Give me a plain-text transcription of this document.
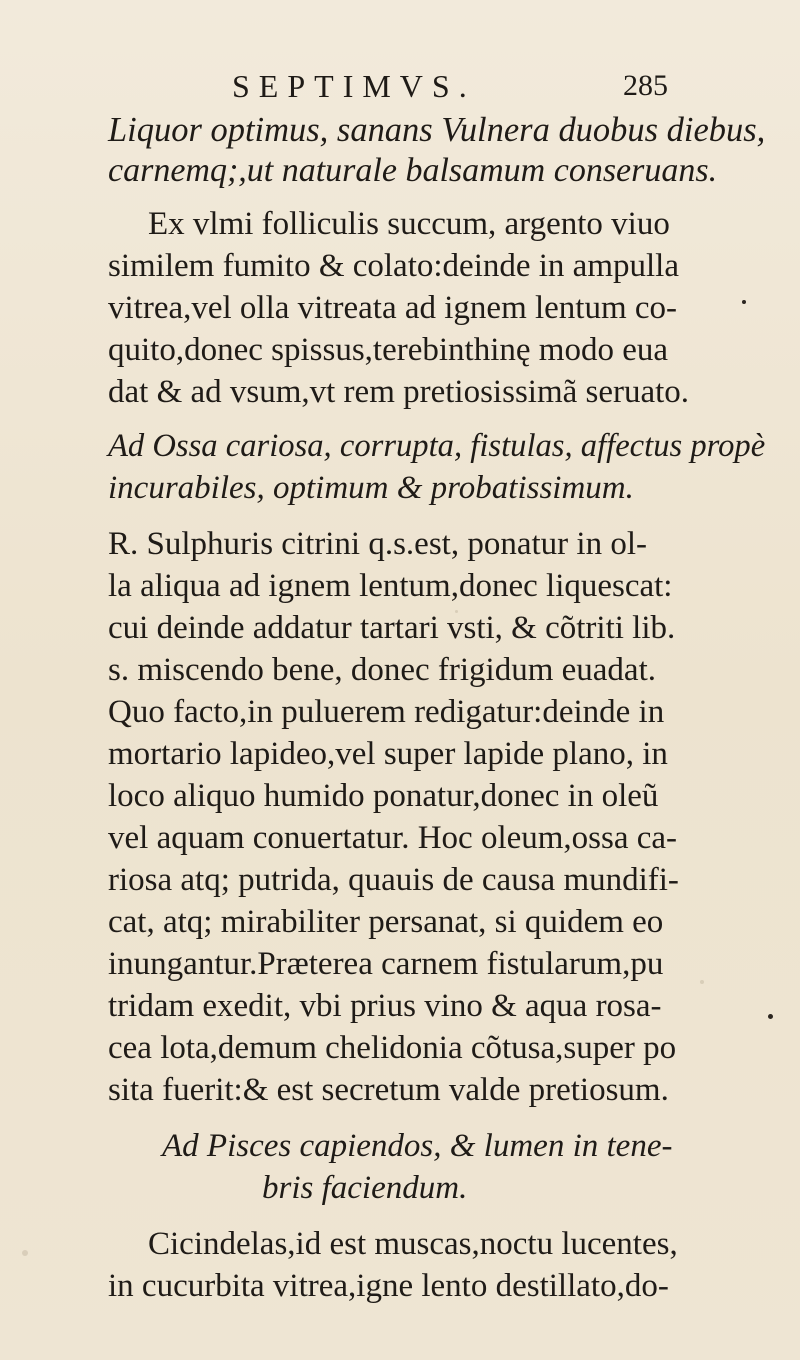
SEPTIMVS.	285
Liquor optimus, sanans Vulnera duobus diebus,
carnemq;,ut naturale balsamum conseruans.
Ex vlmi folliculis succum, argento viuo
similem fumito & colato:deinde in ampulla
vitrea,vel olla vitreata ad ignem lentum co-
quito,donec spissus,terebinthinę modo eua
dat & ad vsum,vt rem pretiosissimã seruato.
Ad Ossa cariosa, corrupta, fistulas, affectus propè
incurabiles, optimum & probatissimum.
R. Sulphuris citrini q.s.est, ponatur in ol-
la aliqua ad ignem lentum,donec liquescat:
cui deinde addatur tartari vsti, & cõtriti lib.
s. miscendo bene, donec frigidum euadat.
Quo facto,in puluerem redigatur:deinde in
mortario lapideo,vel super lapide plano, in
loco aliquo humido ponatur,donec in oleũ
vel aquam conuertatur. Hoc oleum,ossa ca-
riosa atq; putrida, quauis de causa mundifi-
cat, atq; mirabiliter persanat, si quidem eo
inungantur.Præterea carnem fistularum,pu
tridam exedit, vbi prius vino & aqua rosa-
cea lota,demum chelidonia cõtusa,super po
sita fuerit:& est secretum valde pretiosum.
Ad Pisces capiendos, & lumen in tene-
bris faciendum.
Cicindelas,id est muscas,noctu lucentes,
in cucurbita vitrea,igne lento destillato,do-
